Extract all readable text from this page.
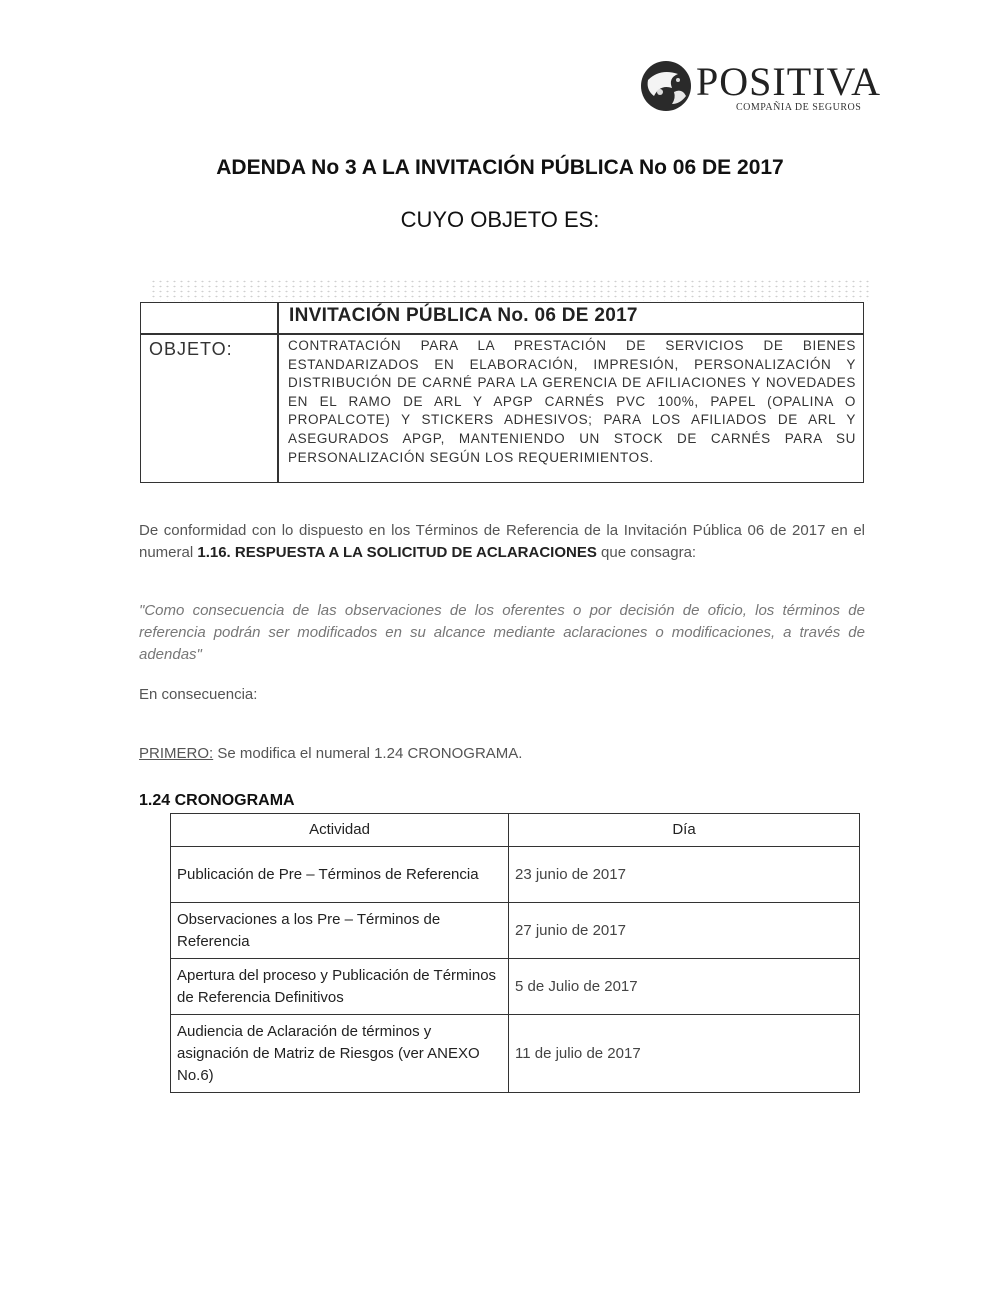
POSITIVA
COMPAÑIA DE SEGUROS
ADENDA No 3 A LA INVITACIÓN PÚBLICA No 06 DE 2017
CUYO OBJETO ES:
INVITACIÓN PÚBLICA No. 06 DE 2017
OBJETO:	CONTRATACIÓN PARA LA PRESTACIÓN DE SERVICIOS DE BIENES ESTANDARIZADOS EN ELABORACIÓN, IMPRESIÓN, PERSONALIZACIÓN Y DISTRIBUCIÓN DE CARNÉ PARA LA GERENCIA DE AFILIACIONES Y NOVEDADES EN EL RAMO DE ARL Y APGP CARNÉS PVC 100%, PAPEL (OPALINA O PROPALCOTE) Y STICKERS ADHESIVOS; PARA LOS AFILIADOS DE ARL Y ASEGURADOS APGP, MANTENIENDO UN STOCK DE CARNÉS PARA SU PERSONALIZACIÓN SEGÚN LOS REQUERIMIENTOS.
De conformidad con lo dispuesto en los Términos de Referencia de la Invitación Pública 06 de 2017 en el numeral 1.16. RESPUESTA A LA SOLICITUD DE ACLARACIONES que consagra:
"Como consecuencia de las observaciones de los oferentes o por decisión de oficio, los términos de referencia podrán ser modificados en su alcance mediante aclaraciones o modificaciones, a través de adendas"
En consecuencia:
PRIMERO: Se modifica el numeral 1.24 CRONOGRAMA.
1.24 CRONOGRAMA
Actividad	Día
Publicación de Pre – Términos de Referencia	23 junio de 2017
Observaciones a los Pre – Términos de Referencia	27 junio de 2017
Apertura del proceso y Publicación de Términos de Referencia Definitivos	5 de Julio de 2017
Audiencia de Aclaración de términos y asignación de Matriz de Riesgos (ver ANEXO No.6)	11 de julio de 2017
